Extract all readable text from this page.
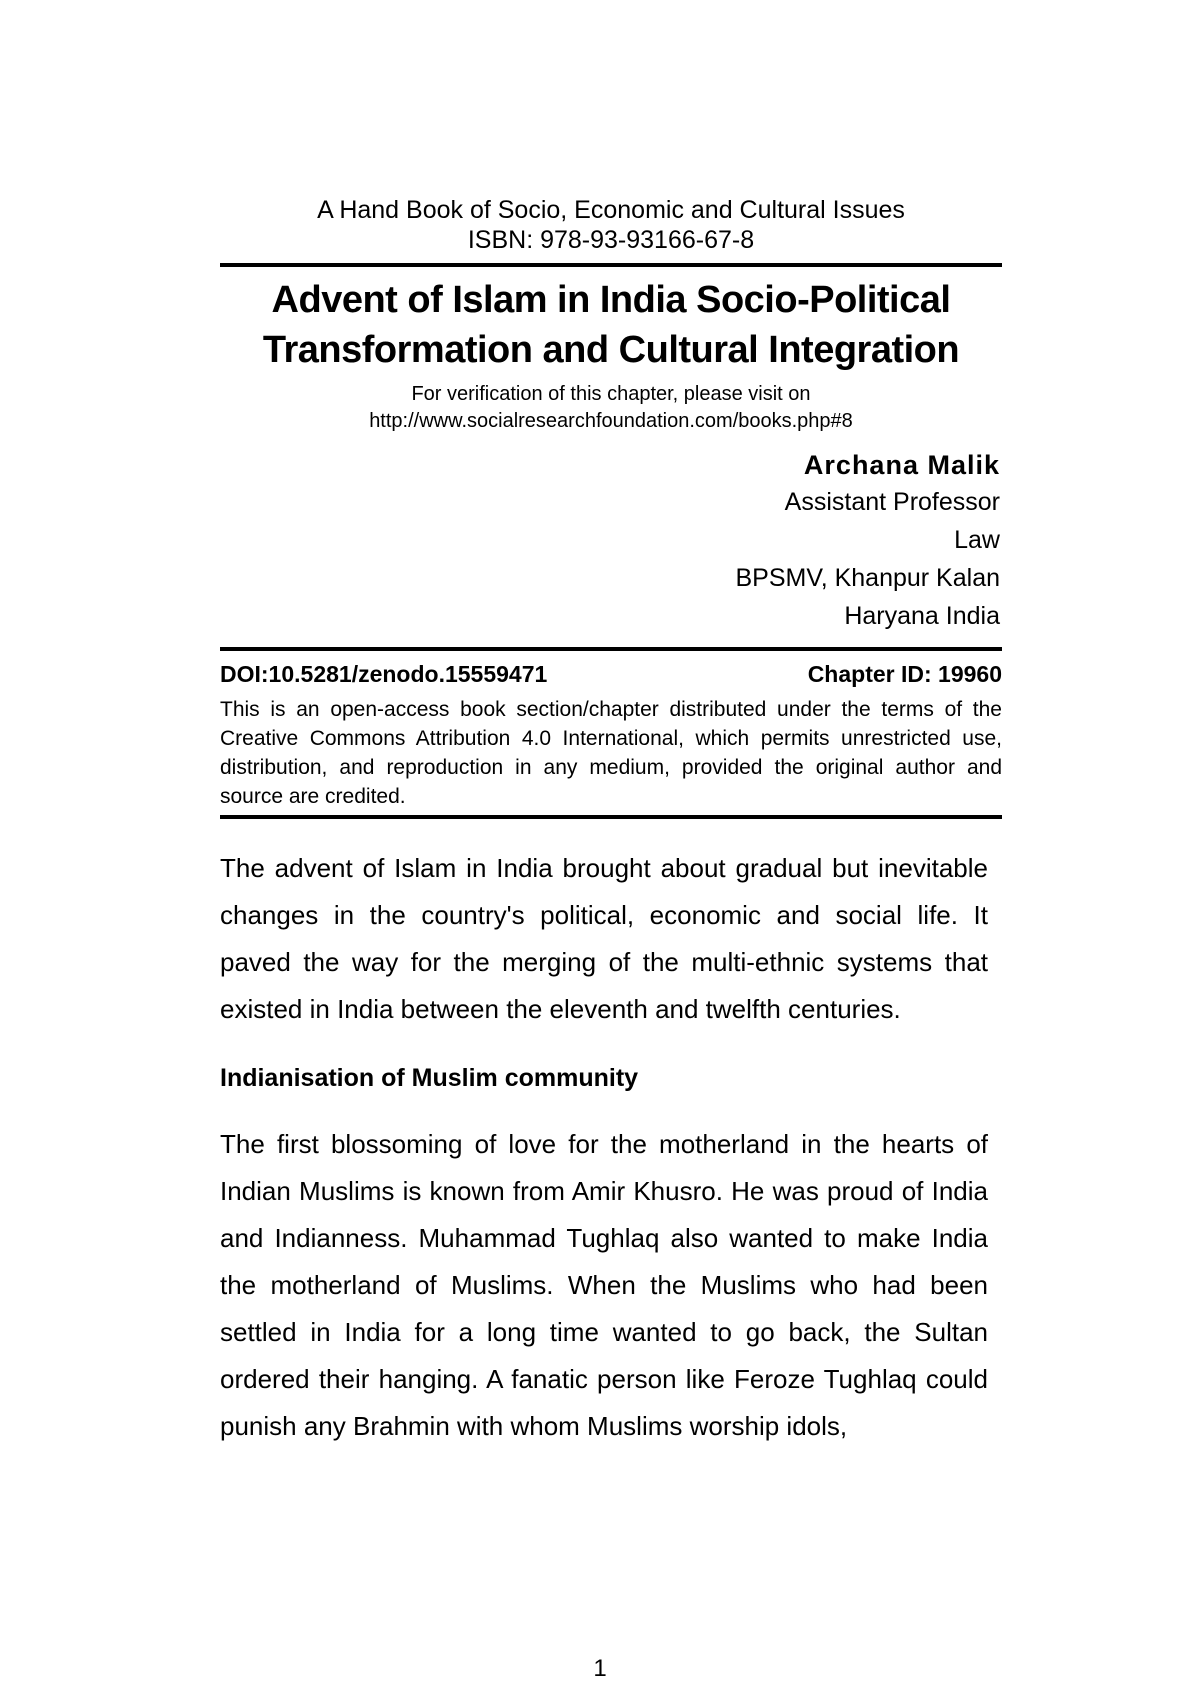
A Hand Book of Socio, Economic and Cultural Issues
ISBN: 978-93-93166-67-8
Advent of Islam in India Socio-Political Transformation and Cultural Integration
For verification of this chapter, please visit on
http://www.socialresearchfoundation.com/books.php#8
Archana Malik
Assistant Professor
Law
BPSMV, Khanpur Kalan
Haryana India
DOI:10.5281/zenodo.15559471	Chapter ID: 19960
This is an open-access book section/chapter distributed under the terms of the Creative Commons Attribution 4.0 International, which permits unrestricted use, distribution, and reproduction in any medium, provided the original author and source are credited.
The advent of Islam in India brought about gradual but inevitable changes in the country's political, economic and social life. It paved the way for the merging of the multi-ethnic systems that existed in India between the eleventh and twelfth centuries.
Indianisation of Muslim community
The first blossoming of love for the motherland in the hearts of Indian Muslims is known from Amir Khusro. He was proud of India and Indianness. Muhammad Tughlaq also wanted to make India the motherland of Muslims. When the Muslims who had been settled in India for a long time wanted to go back, the Sultan ordered their hanging. A fanatic person like Feroze Tughlaq could punish any Brahmin with whom Muslims worship idols,
1
